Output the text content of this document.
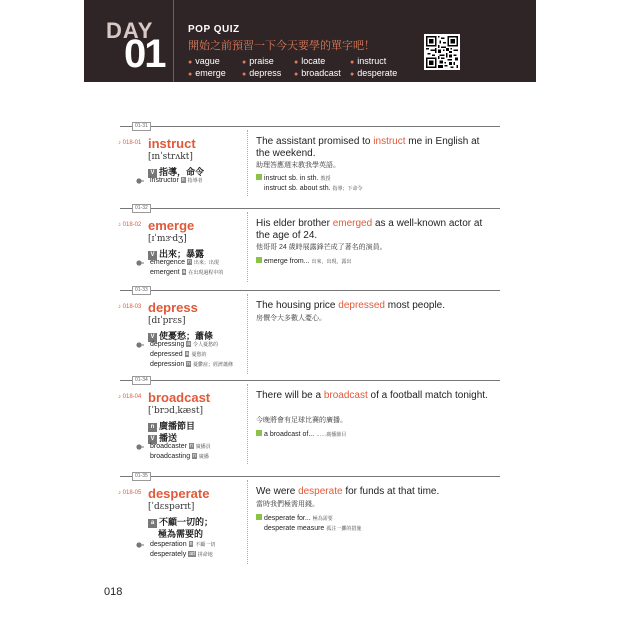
DAY
01
POP QUIZ
開始之前預習一下今天要學的單字吧！
● vague	● praise	● locate	● instruct
● emerge	● depress	● broadcast	● desperate
01-31
♪ 018-01 instruct
[ɪnˈstrʌkt]
V 指導，命令
instructor n 指導者
The assistant promised to instruct me in English at the weekend.
助理答應週末教我學英語。
instruct sb. in sth. 教授
instruct sb. about sth. 指導；下命令
01-32
♪ 018-02 emerge
[ɪˈmɝdʒ]
V 出來；暴露
emergence n 出來；出現
emergent a 在出現過程中的
His elder brother emerged as a well-known actor at the age of 24.
他哥哥 24 歲時展露鋒芒成了著名的演員。
emerge from... 出來，出現，露出
01-33
♪ 018-03 depress
[dɪˈprɛs]
V 使憂愁；蕭條
depressing a 令人憂愁的
depressed a 憂愁的
depression n 憂鬱症；經濟蕭條
The housing price depressed most people.
房價令大多數人憂心。
01-34
♪ 018-04 broadcast
[ˈbrɔdˌkæst]
n 廣播節目
V 播送
broadcaster n 廣播員
broadcasting n 廣播
There will be a broadcast of a football match tonight.
今晚將會有足球比賽的廣播。
a broadcast of... ……廣播節目
01-35
♪ 018-05 desperate
[ˈdɛspərɪt]
a 不顧一切的；
極為需要的
desperation n 不顧一切
desperately ad 拼命地
We were desperate for funds at that time.
當時我們極需用錢。
desperate for... 極為需要
desperate measure 孤注一擲的措施
018
